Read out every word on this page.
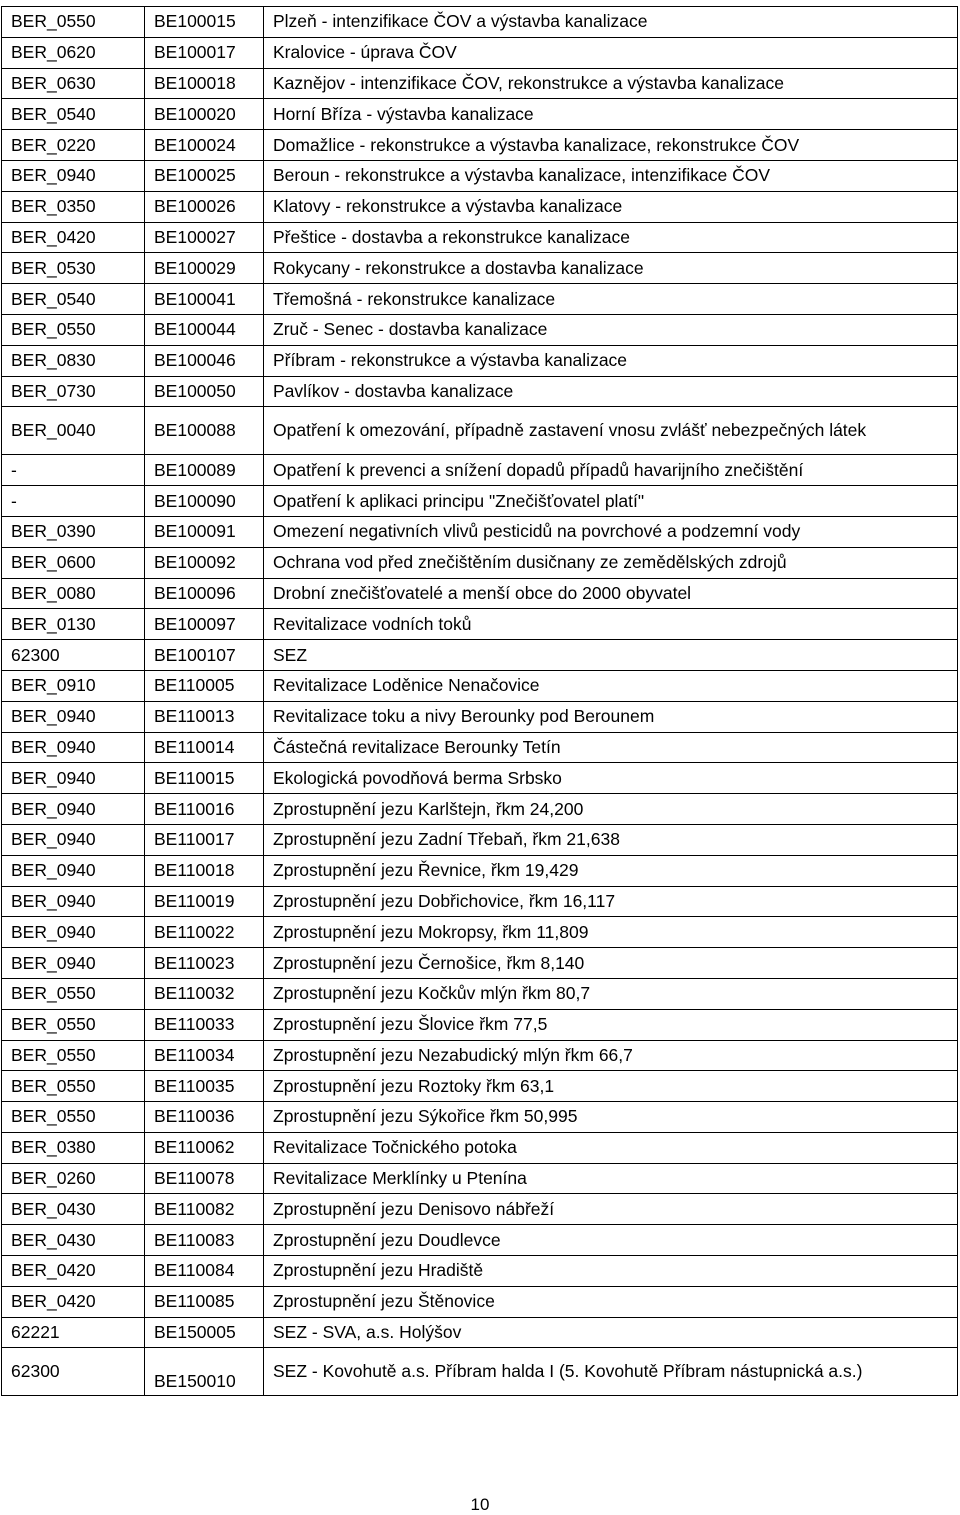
BER_0550	BE100015	Plzeň - intenzifikace ČOV a výstavba kanalizace
BER_0620	BE100017	Kralovice - úprava ČOV
BER_0630	BE100018	Kaznějov - intenzifikace ČOV, rekonstrukce a výstavba kanalizace
BER_0540	BE100020	Horní Bříza - výstavba kanalizace
BER_0220	BE100024	Domažlice - rekonstrukce a výstavba kanalizace, rekonstrukce ČOV
BER_0940	BE100025	Beroun - rekonstrukce a výstavba kanalizace, intenzifikace ČOV
BER_0350	BE100026	Klatovy - rekonstrukce a výstavba kanalizace
BER_0420	BE100027	Přeštice - dostavba a rekonstrukce kanalizace
BER_0530	BE100029	Rokycany - rekonstrukce a dostavba kanalizace
BER_0540	BE100041	Třemošná - rekonstrukce kanalizace
BER_0550	BE100044	Zruč - Senec - dostavba kanalizace
BER_0830	BE100046	Příbram - rekonstrukce a výstavba kanalizace
BER_0730	BE100050	Pavlíkov - dostavba kanalizace
BER_0040	BE100088	Opatření k omezování, případně zastavení vnosu zvlášť nebezpečných látek
-	BE100089	Opatření k prevenci a snížení dopadů případů havarijního znečištění
-	BE100090	Opatření k aplikaci principu "Znečišťovatel platí"
BER_0390	BE100091	Omezení negativních vlivů pesticidů na povrchové a podzemní vody
BER_0600	BE100092	Ochrana vod před znečištěním dusičnany ze zemědělských zdrojů
BER_0080	BE100096	Drobní znečišťovatelé a menší obce do 2000 obyvatel
BER_0130	BE100097	Revitalizace vodních toků
62300	BE100107	SEZ
BER_0910	BE110005	Revitalizace Loděnice Nenačovice
BER_0940	BE110013	Revitalizace toku a nivy Berounky pod Berounem
BER_0940	BE110014	Částečná revitalizace Berounky Tetín
BER_0940	BE110015	Ekologická povodňová berma Srbsko
BER_0940	BE110016	Zprostupnění jezu Karlštejn, řkm 24,200
BER_0940	BE110017	Zprostupnění jezu Zadní Třebaň, řkm 21,638
BER_0940	BE110018	Zprostupnění jezu Řevnice, řkm 19,429
BER_0940	BE110019	Zprostupnění jezu Dobřichovice, řkm 16,117
BER_0940	BE110022	Zprostupnění jezu Mokropsy, řkm 11,809
BER_0940	BE110023	Zprostupnění jezu Černošice, řkm 8,140
BER_0550	BE110032	Zprostupnění jezu Kočkův mlýn řkm 80,7
BER_0550	BE110033	Zprostupnění jezu Šlovice řkm 77,5
BER_0550	BE110034	Zprostupnění jezu Nezabudický mlýn řkm 66,7
BER_0550	BE110035	Zprostupnění jezu Roztoky řkm 63,1
BER_0550	BE110036	Zprostupnění jezu Sýkořice řkm 50,995
BER_0380	BE110062	Revitalizace Točnického potoka
BER_0260	BE110078	Revitalizace Merklínky u Ptenína
BER_0430	BE110082	Zprostupnění jezu Denisovo nábřeží
BER_0430	BE110083	Zprostupnění jezu Doudlevce
BER_0420	BE110084	Zprostupnění jezu Hradiště
BER_0420	BE110085	Zprostupnění jezu Štěnovice
62221	BE150005	SEZ - SVA, a.s. Holýšov
62300	BE150010	SEZ - Kovohutě a.s. Příbram halda I (5. Kovohutě Příbram nástupnická a.s.)
10
